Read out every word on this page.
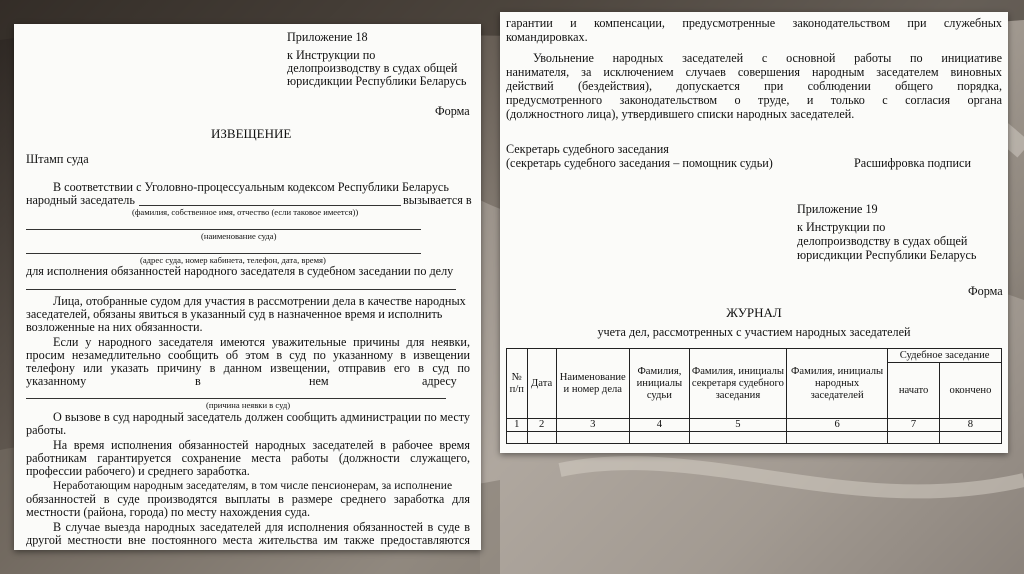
Приложение 18
к Инструкции по
делопроизводству в судах общей
юрисдикции Республики Беларусь
Форма
ИЗВЕЩЕНИЕ
Штамп суда
В соответствии с Уголовно-процессуальным кодексом Республики Беларусь
народный заседатель	вызывается в
(фамилия, собственное имя, отчество (если таковое имеется))
(наименование суда)
(адрес суда, номер кабинета, телефон, дата, время)
для исполнения обязанностей народного заседателя в судебном заседании по делу
Лица, отобранные судом для участия в рассмотрении дела в качестве народных
заседателей, обязаны явиться в указанный суд в назначенное время и исполнить
возложенные на них обязанности.
Если у народного заседателя имеются уважительные причины для неявки,
просим незамедлительно сообщить об этом в суд по указанному в извещении
телефону или указать причину в данном извещении, отправив его в суд по
указанному	в	нем	адресу
(причина неявки в суд)
О вызове в суд народный заседатель должен сообщить администрации по месту
работы.
На время исполнения обязанностей народных заседателей в рабочее время
работникам гарантируется сохранение места работы (должности служащего,
профессии рабочего) и среднего заработка.
Неработающим народным заседателям, в том числе пенсионерам, за исполнение
обязанностей в суде производятся выплаты в размере среднего заработка для
местности (района, города) по месту нахождения суда.
В случае выезда народных заседателей для исполнения обязанностей в суде в
другой местности вне постоянного места жительства им также предоставляются
гарантии и компенсации, предусмотренные законодательством при служебных
командировках.
Увольнение народных заседателей с основной работы по инициативе
нанимателя, за исключением случаев совершения народным заседателем виновных
действий (бездействия), допускается при соблюдении общего порядка,
предусмотренного законодательством о труде, и только с согласия органа
(должностного лица), утвердившего списки народных заседателей.
Секретарь судебного заседания
(секретарь судебного заседания – помощник судьи)	Расшифровка подписи
Приложение 19
к Инструкции по
делопроизводству в судах общей
юрисдикции Республики Беларусь
Форма
ЖУРНАЛ
учета дел, рассмотренных с участием народных заседателей
№ п/п	Дата	Наименование и номер дела	Фамилия, инициалы судьи	Фамилия, инициалы секретаря судебного заседания	Фамилия, инициалы народных заседателей	Судебное заседание	
						начато	окончено
1	2	3	4	5	6	7	8
